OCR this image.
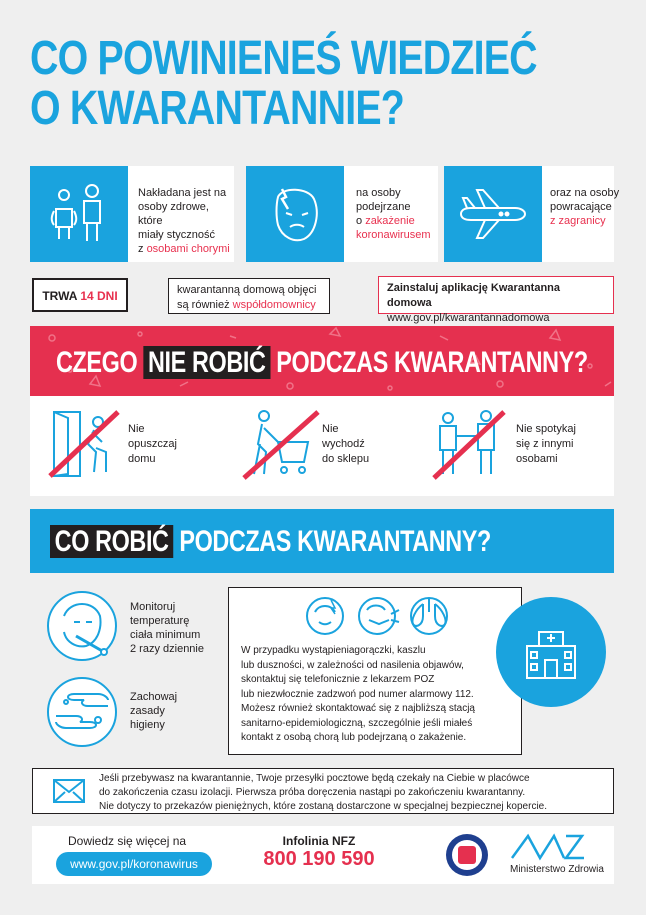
CO POWINIENEŚ WIEDZIEĆ
O KWARANTANNIE?
Nakładana jest na
osoby zdrowe, które
miały styczność
z osobami chorymi
na osoby
podejrzane
o zakażenie
koronawirusem
oraz na osoby
powracające
z zagranicy
TRWA 14 DNI	kwarantanną domową objęci
są również współdomownicy
Zainstaluj aplikację Kwarantanna domowa
www.gov.pl/kwarantannadomowa
CZEGO NIE ROBIĆ PODCZAS KWARANTANNY?
Nie
opuszczaj
domu
Nie
wychodź
do sklepu
Nie spotykaj
się z innymi
osobami
CO ROBIĆ PODCZAS KWARANTANNY?
Monitoruj
temperaturę
ciała minimum
2 razy dziennie
Zachowaj
zasady
higieny
W przypadku wystąpieniagorączki, kaszlu
lub duszności, w zależności od nasilenia objawów,
skontaktuj się telefonicznie z lekarzem POZ
lub niezwłocznie zadzwoń pod numer alarmowy 112.
Możesz również skontaktować się z najbliższą stacją
sanitarno-epidemiologiczną, szczególnie jeśli miałeś
kontakt z osobą chorą lub podejrzaną o zakażenie.
Jeśli przebywasz na kwarantannie, Twoje przesyłki pocztowe będą czekały na Ciebie w placówce
do zakończenia czasu izolacji. Pierwsza próba doręczenia nastąpi po zakończeniu kwarantanny.
Nie dotyczy to przekazów pieniężnych, które zostaną dostarczone w specjalnej bezpiecznej kopercie.
Dowiedz się więcej na
www.gov.pl/koronawirus
Infolinia NFZ
800 190 590	Ministerstwo Zdrowia
